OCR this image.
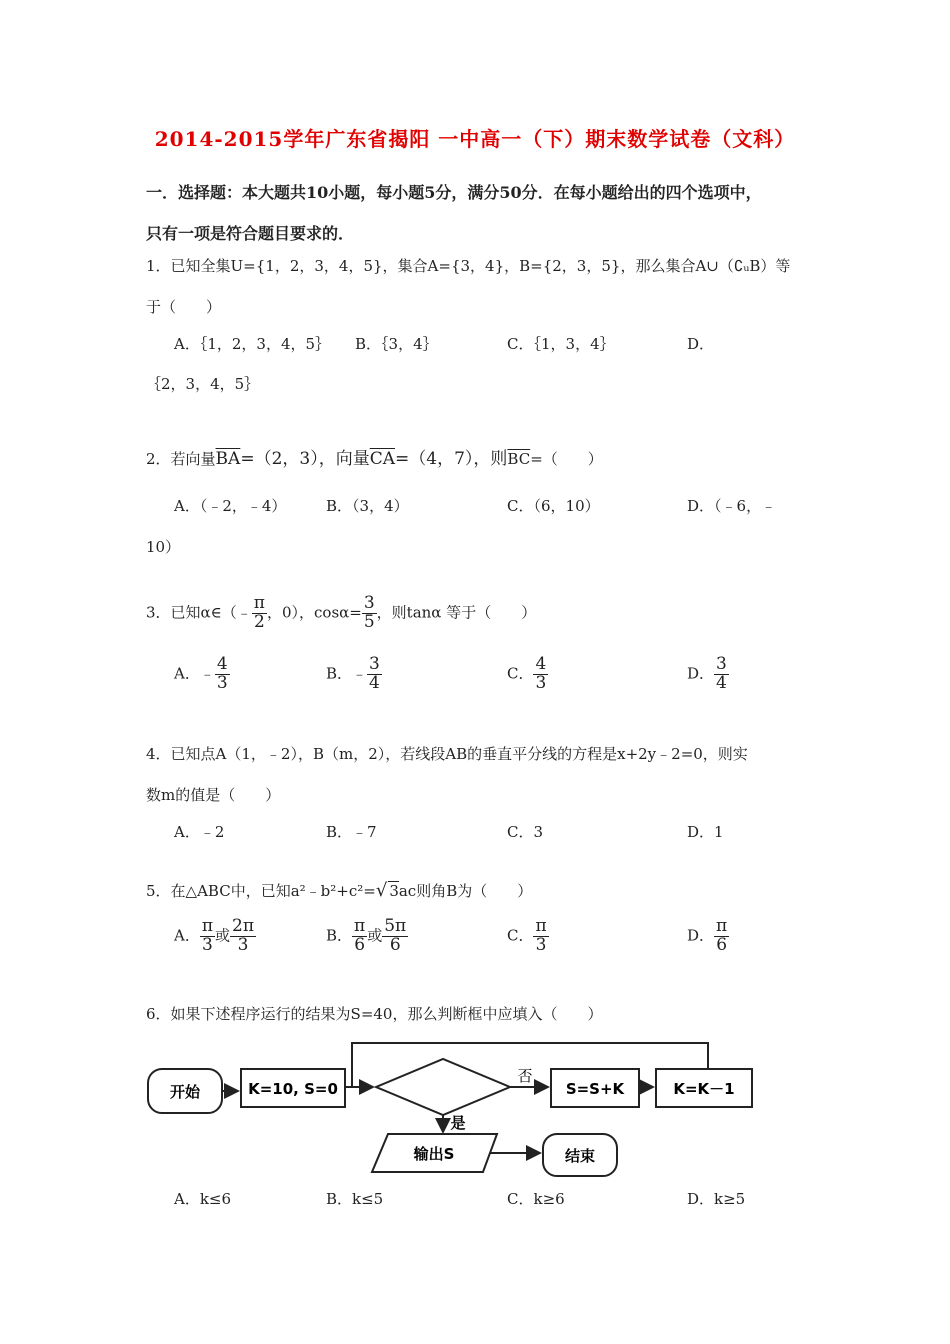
2014-2015学年广东省揭阳 一中高一（下）期末数学试卷（文科）
一．选择题：本大题共10小题，每小题5分，满分50分．在每小题给出的四个选项中，
只有一项是符合题目要求的．
1．已知全集U={1，2，3，4，5}，集合A={3，4}，B={2，3，5}，那么集合A∪（∁ᵤB）等
于（　　）
A．｛1，2，3，4，5｝ B．｛3，4｝	C．｛1，3，4｝	D．
｛2，3，4，5｝
2．若向量$\overline{BA}=(2$，3），向量$\overline{CA}=(4$，7），则$\overline{BC}=$（　　）
A．（﹣2，﹣4）	B．（3，4）	C．（6，10）	D．（﹣6，﹣
10）
3．已知α∈（﹣ $\frac{\pi}{2}$ ，0），$\cos\alpha= \frac{3}{5}$ ，则tanα 等于（　　）
A．﹣ $\frac{4}{3}$	B．﹣ $\frac{3}{4}$	C． $\frac{4}{3}$	D． $\frac{3}{4}$
4．已知点A（1，﹣2），B（m，2），若线段AB的垂直平分线的方程是x+2y﹣2=0，则实
数m的值是（　　）
A．﹣2	B．﹣7	C．3	D．1
5．在△ABC中，已知a²﹣b²+c²=√ 3ac则角B为（　　）
A． $\frac{\pi}{3}$ 或 $\frac{2\pi}{3}$	B． $\frac{\pi}{6}$ 或 $\frac{5\pi}{6}$	C． $\frac{\pi}{3}$	D． $\frac{\pi}{6}$
6．如果下述程序运行的结果为S=40，那么判断框中应填入（　　）
开始	K=10, S=0
否
S=S+K	K=K－1
是
输出S	结束
A．k≤6	B．k≤5	C．k≥6	D．k≥5
